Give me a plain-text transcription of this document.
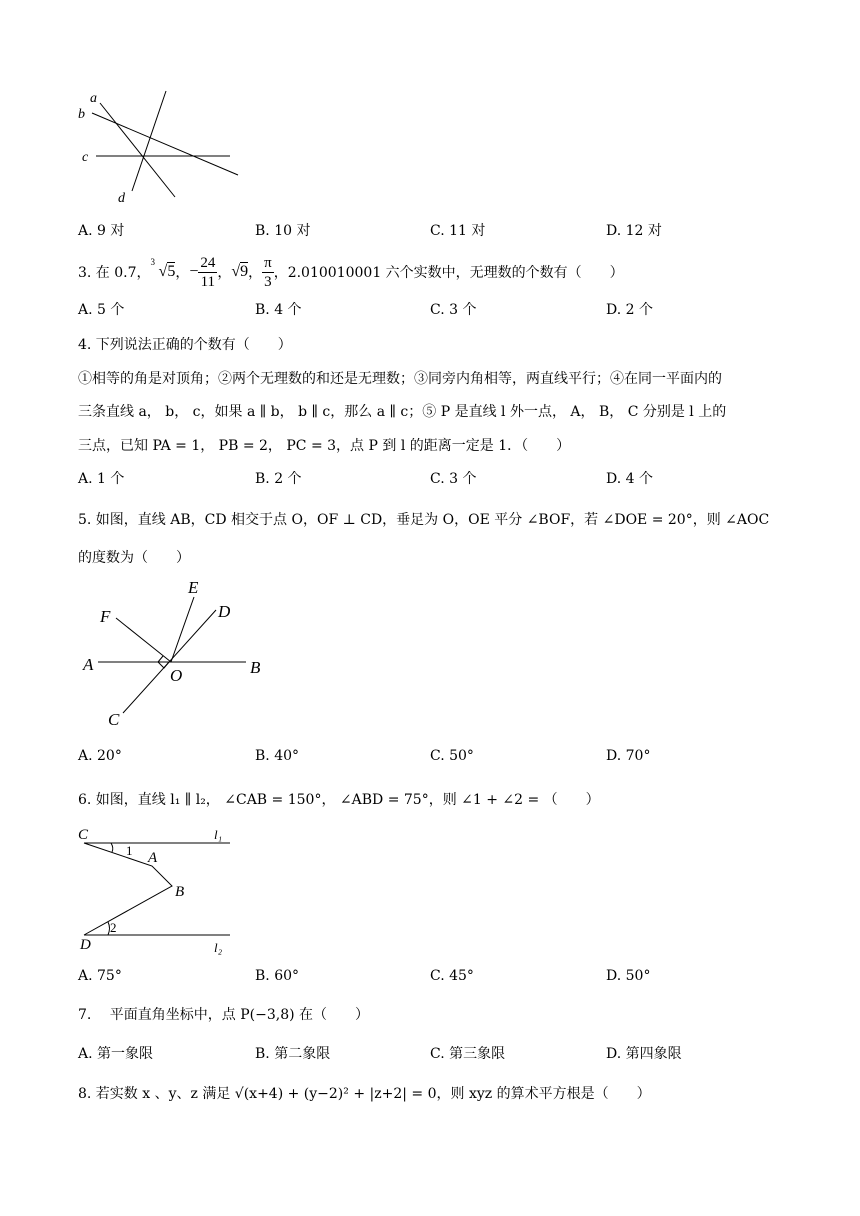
a
b
c
d
A. 9 对	B. 10 对	C. 11 对	D. 12 对
3. 在 0.7，
3
√5 ， − $\frac{24}{11}$ ， √9 ， $\frac{\pi}{3}$ ，2.010010001 六个实数中，无理数的个数有（　　）
A. 5 个	B. 4 个	C. 3 个	D. 2 个
4. 下列说法正确的个数有（　　）
①相等的角是对顶角；②两个无理数的和还是无理数；③同旁内角相等，两直线平行；④在同一平面内的
三条直线 a， b， c，如果 a ∥ b， b ∥ c，那么 a ∥ c；⑤ P 是直线 l 外一点， A， B， C 分别是 l 上的
三点，已知 PA = 1， PB = 2， PC = 3，点 P 到 l 的距离一定是 1．（　　）
A. 1 个	B. 2 个	C. 3 个	D. 4 个
5. 如图，直线 AB，CD 相交于点 O，OF ⊥ CD，垂足为 O，OE 平分 ∠BOF，若 ∠DOE = 20°，则 ∠AOC
的度数为（　　）
E
D
F
A
O	B
C
A. 20°	B. 40°	C. 50°	D. 70°
6. 如图，直线 l₁ ∥ l₂， ∠CAB = 150°， ∠ABD = 75°，则 ∠1 + ∠2 = （　　）
C	l₁
1 A
B
2
D	l₂
A. 75°	B. 60°	C. 45°	D. 50°
7.　 平面直角坐标中，点 P(−3,8) 在（　　）
A. 第一象限	B. 第二象限	C. 第三象限	D. 第四象限
8. 若实数 x 、y、z 满足 √(x+4) + (y−2)² + |z+2| = 0，则 xyz 的算术平方根是（　　）
